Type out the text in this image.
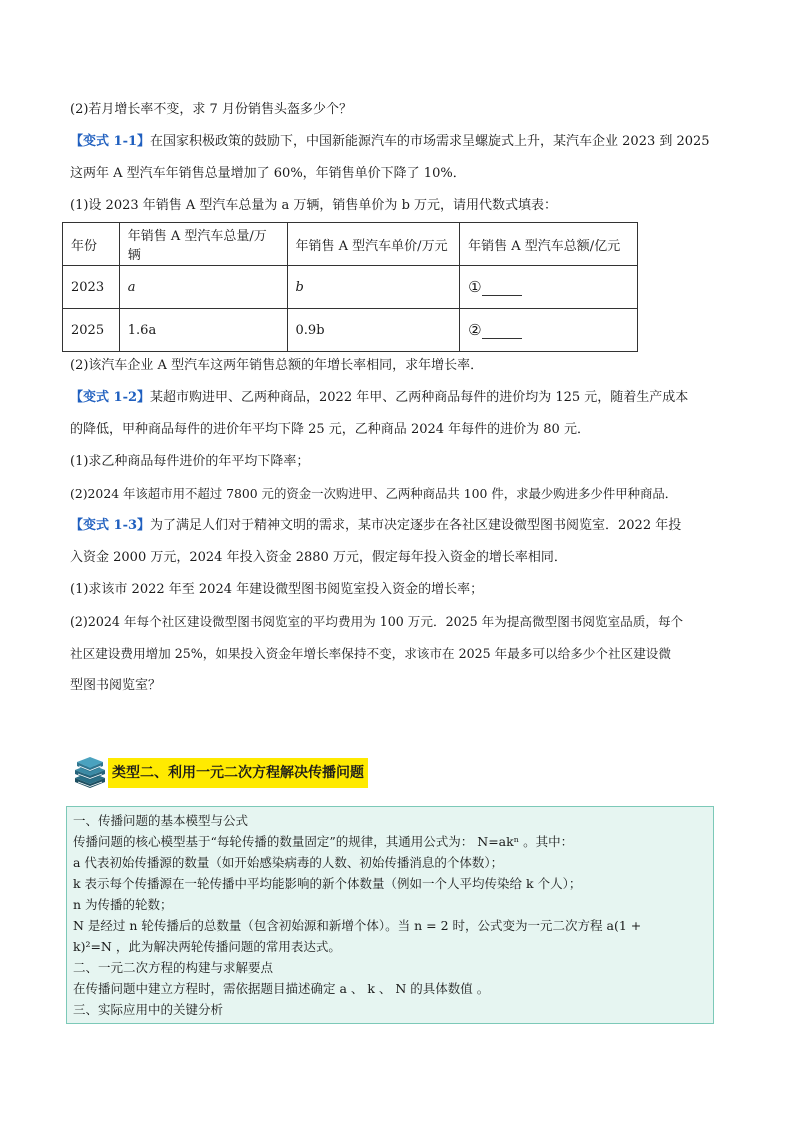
(2)若月增长率不变，求 7 月份销售头盔多少个？
【变式 1-1】在国家积极政策的鼓励下，中国新能源汽车的市场需求呈螺旋式上升，某汽车企业 2023 到 2025
这两年 A 型汽车年销售总量增加了 60%，年销售单价下降了 10%．
(1)设 2023 年销售 A 型汽车总量为 a 万辆，销售单价为 b 万元，请用代数式填表：
年份	年销售 A 型汽车总量/万辆	年销售 A 型汽车单价/万元	年销售 A 型汽车总额/亿元
2023	a	b	①
2025	1.6a	0.9b	②
(2)该汽车企业 A 型汽车这两年销售总额的年增长率相同，求年增长率．
【变式 1-2】某超市购进甲、乙两种商品，2022 年甲、乙两种商品每件的进价均为 125 元，随着生产成本
的降低，甲种商品每件的进价年平均下降 25 元，乙种商品 2024 年每件的进价为 80 元．
(1)求乙种商品每件进价的年平均下降率；
(2)2024 年该超市用不超过 7800 元的资金一次购进甲、乙两种商品共 100 件，求最少购进多少件甲种商品．
【变式 1-3】为了满足人们对于精神文明的需求，某市决定逐步在各社区建设微型图书阅览室．2022 年投
入资金 2000 万元，2024 年投入资金 2880 万元，假定每年投入资金的增长率相同．
(1)求该市 2022 年至 2024 年建设微型图书阅览室投入资金的增长率；
(2)2024 年每个社区建设微型图书阅览室的平均费用为 100 万元．2025 年为提高微型图书阅览室品质，每个
社区建设费用增加 25%，如果投入资金年增长率保持不变，求该市在 2025 年最多可以给多少个社区建设微
型图书阅览室？
类型二、利用一元二次方程解决传播问题
一、传播问题的基本模型与公式
传播问题的核心模型基于“每轮传播的数量固定”的规律，其通用公式为： N=akⁿ 。其中：
a 代表初始传播源的数量（如开始感染病毒的人数、初始传播消息的个体数）；
k 表示每个传播源在一轮传播中平均能影响的新个体数量（例如一个人平均传染给 k 个人）；
n 为传播的轮数；
N 是经过 n 轮传播后的总数量（包含初始源和新增个体）。当 n = 2 时，公式变为一元二次方程 a(1 +
k)²=N ，此为解决两轮传播问题的常用表达式。
二、一元二次方程的构建与求解要点
在传播问题中建立方程时，需依据题目描述确定 a 、 k 、 N 的具体数值 。
三、实际应用中的关键分析
